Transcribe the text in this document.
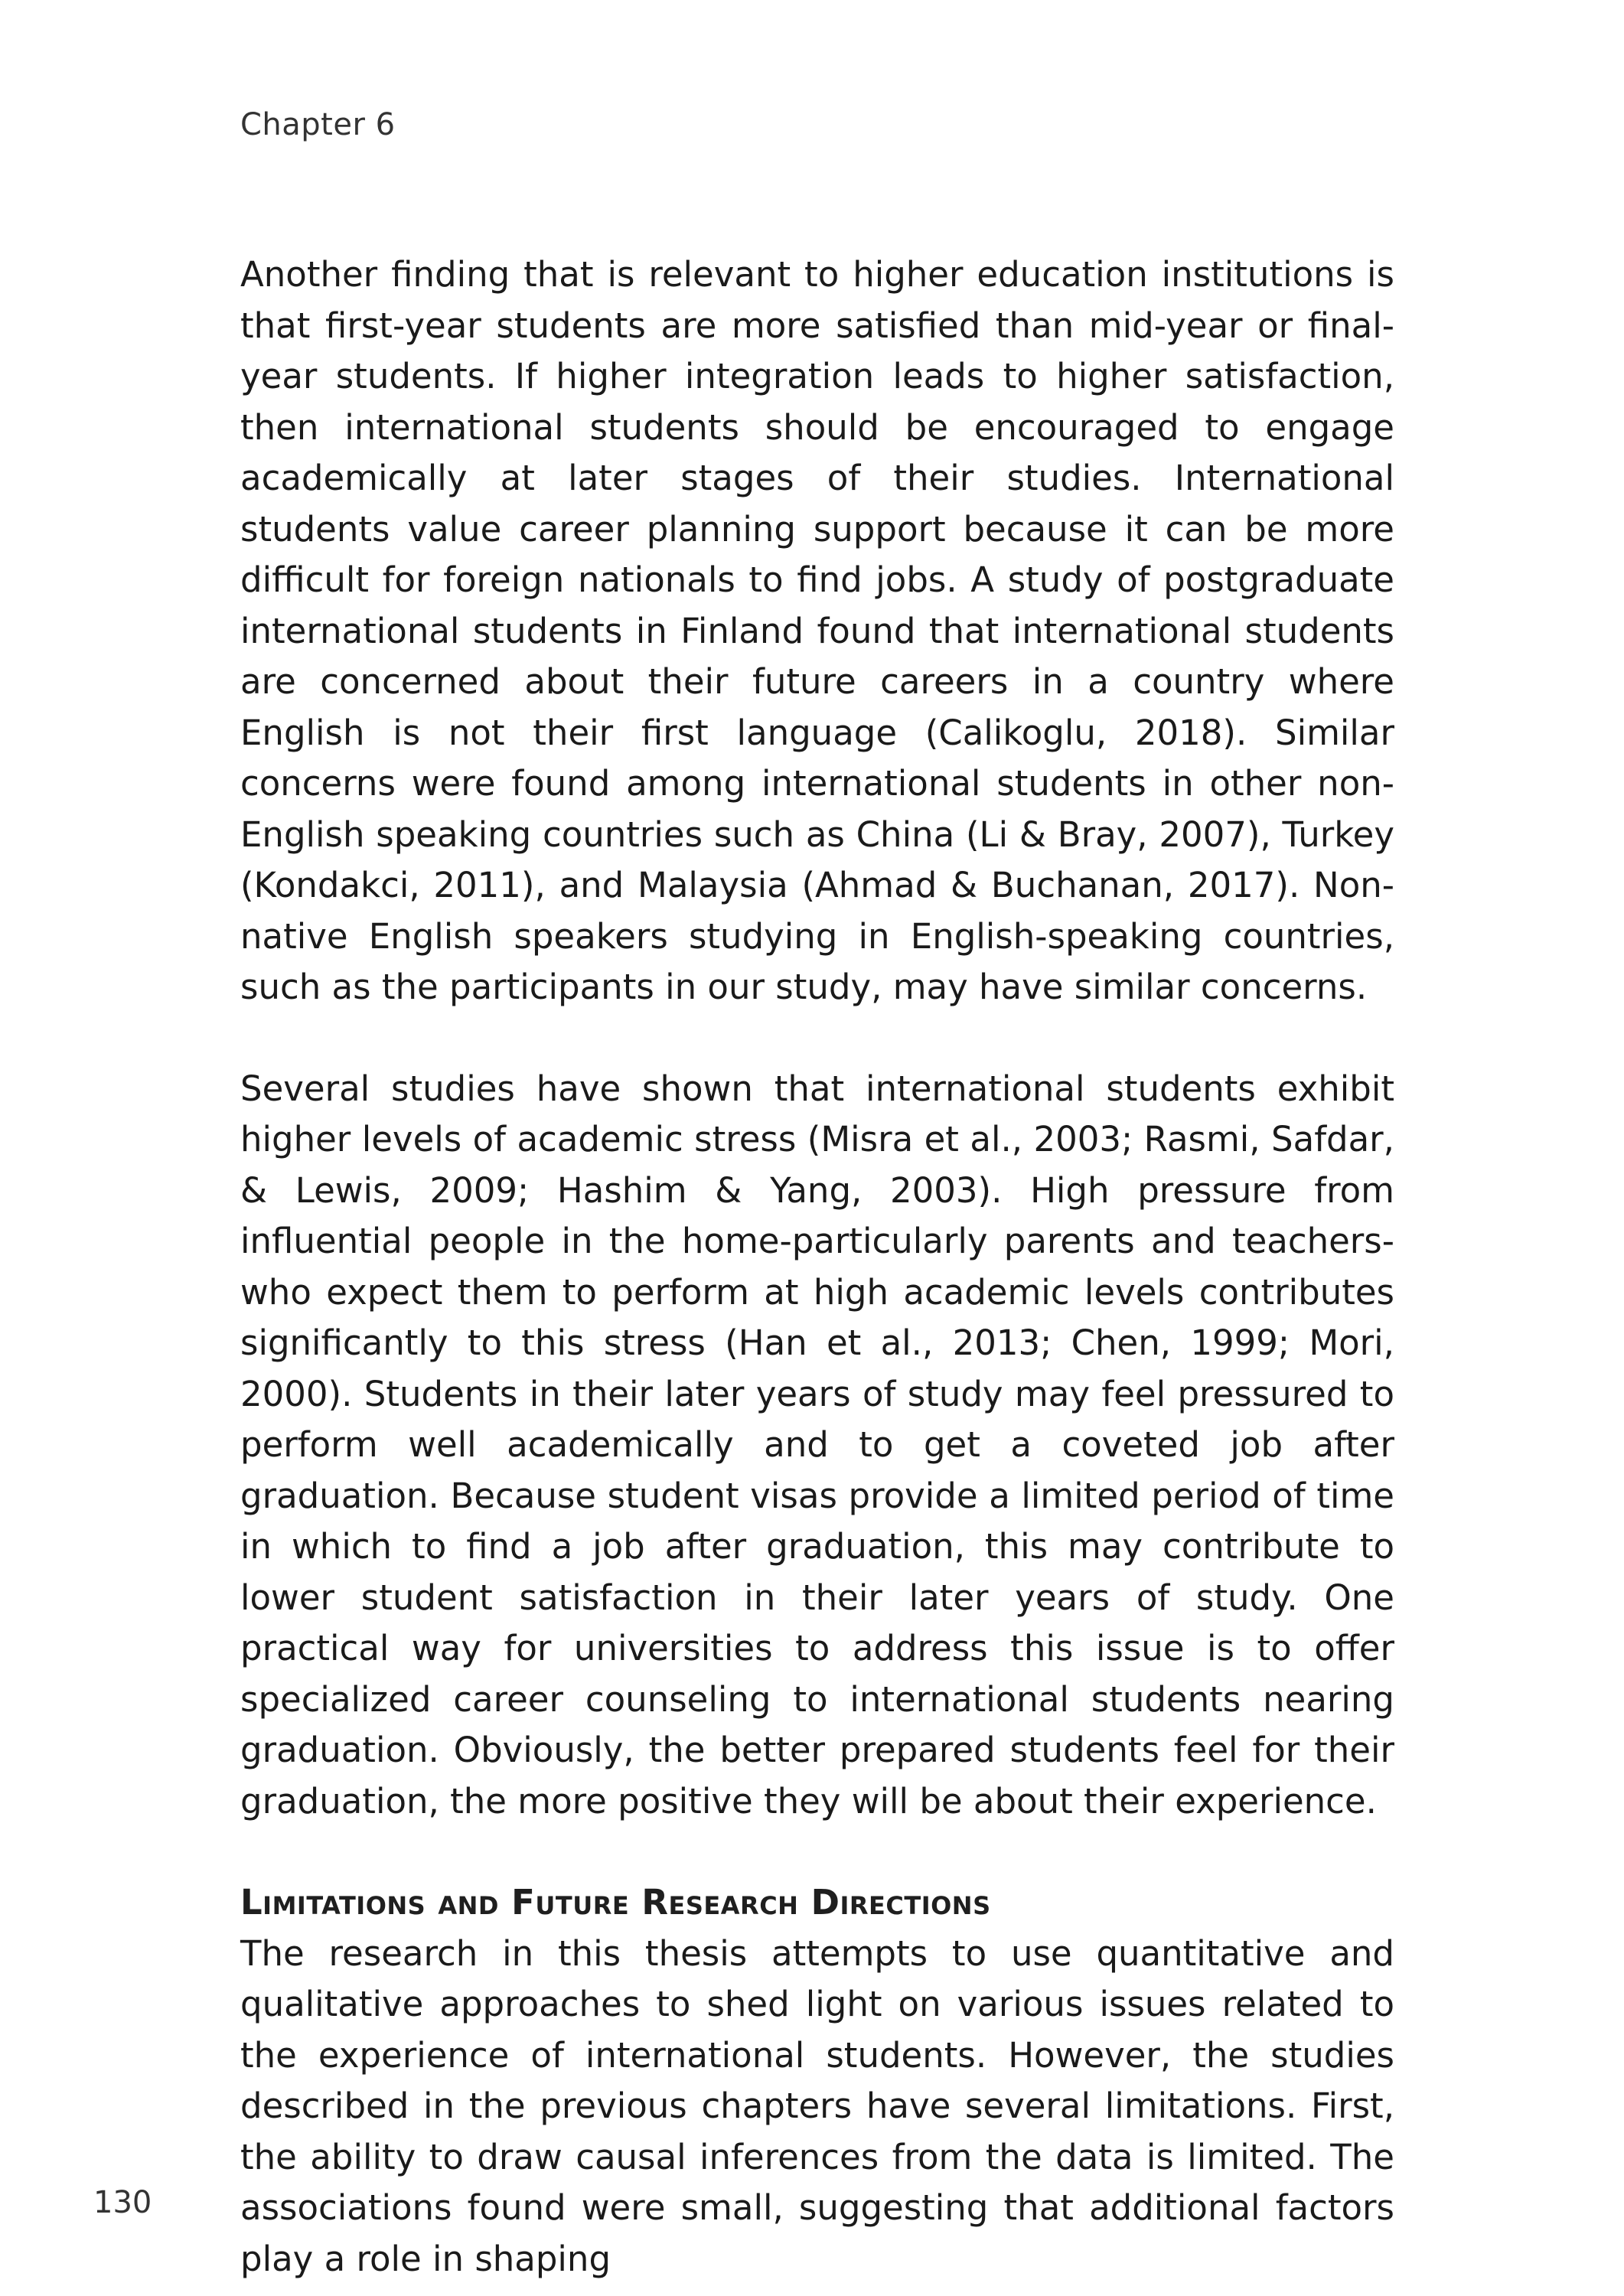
Chapter 6

Another finding that is relevant to higher education institutions is that first-year students are more satisfied than mid-year or final-year students. If higher integration leads to higher satisfaction, then international students should be encouraged to engage academically at later stages of their studies. International students value career planning support because it can be more difficult for foreign nationals to find jobs. A study of postgraduate international students in Finland found that international students are concerned about their future careers in a country where English is not their first language (Calikoglu, 2018). Similar concerns were found among international students in other non-English speaking countries such as China (Li & Bray, 2007), Turkey (Kondakci, 2011), and Malaysia (Ahmad & Buchanan, 2017). Non-native English speakers studying in English-speaking countries, such as the participants in our study, may have similar concerns.

Several studies have shown that international students exhibit higher levels of academic stress (Misra et al., 2003; Rasmi, Safdar, & Lewis, 2009; Hashim & Yang, 2003). High pressure from influential people in the home-particularly parents and teachers-who expect them to perform at high academic levels contributes significantly to this stress (Han et al., 2013; Chen, 1999; Mori, 2000). Students in their later years of study may feel pressured to perform well academically and to get a coveted job after graduation. Because student visas provide a limited period of time in which to find a job after graduation, this may contribute to lower student satisfaction in their later years of study. One practical way for universities to address this issue is to offer specialized career counseling to international students nearing graduation. Obviously, the better prepared students feel for their graduation, the more positive they will be about their experience.

Limitations and Future Research Directions

The research in this thesis attempts to use quantitative and qualitative approaches to shed light on various issues related to the experience of international students. However, the studies described in the previous chapters have several limitations. First, the ability to draw causal inferences from the data is limited. The associations found were small, suggesting that additional factors play a role in shaping

130
